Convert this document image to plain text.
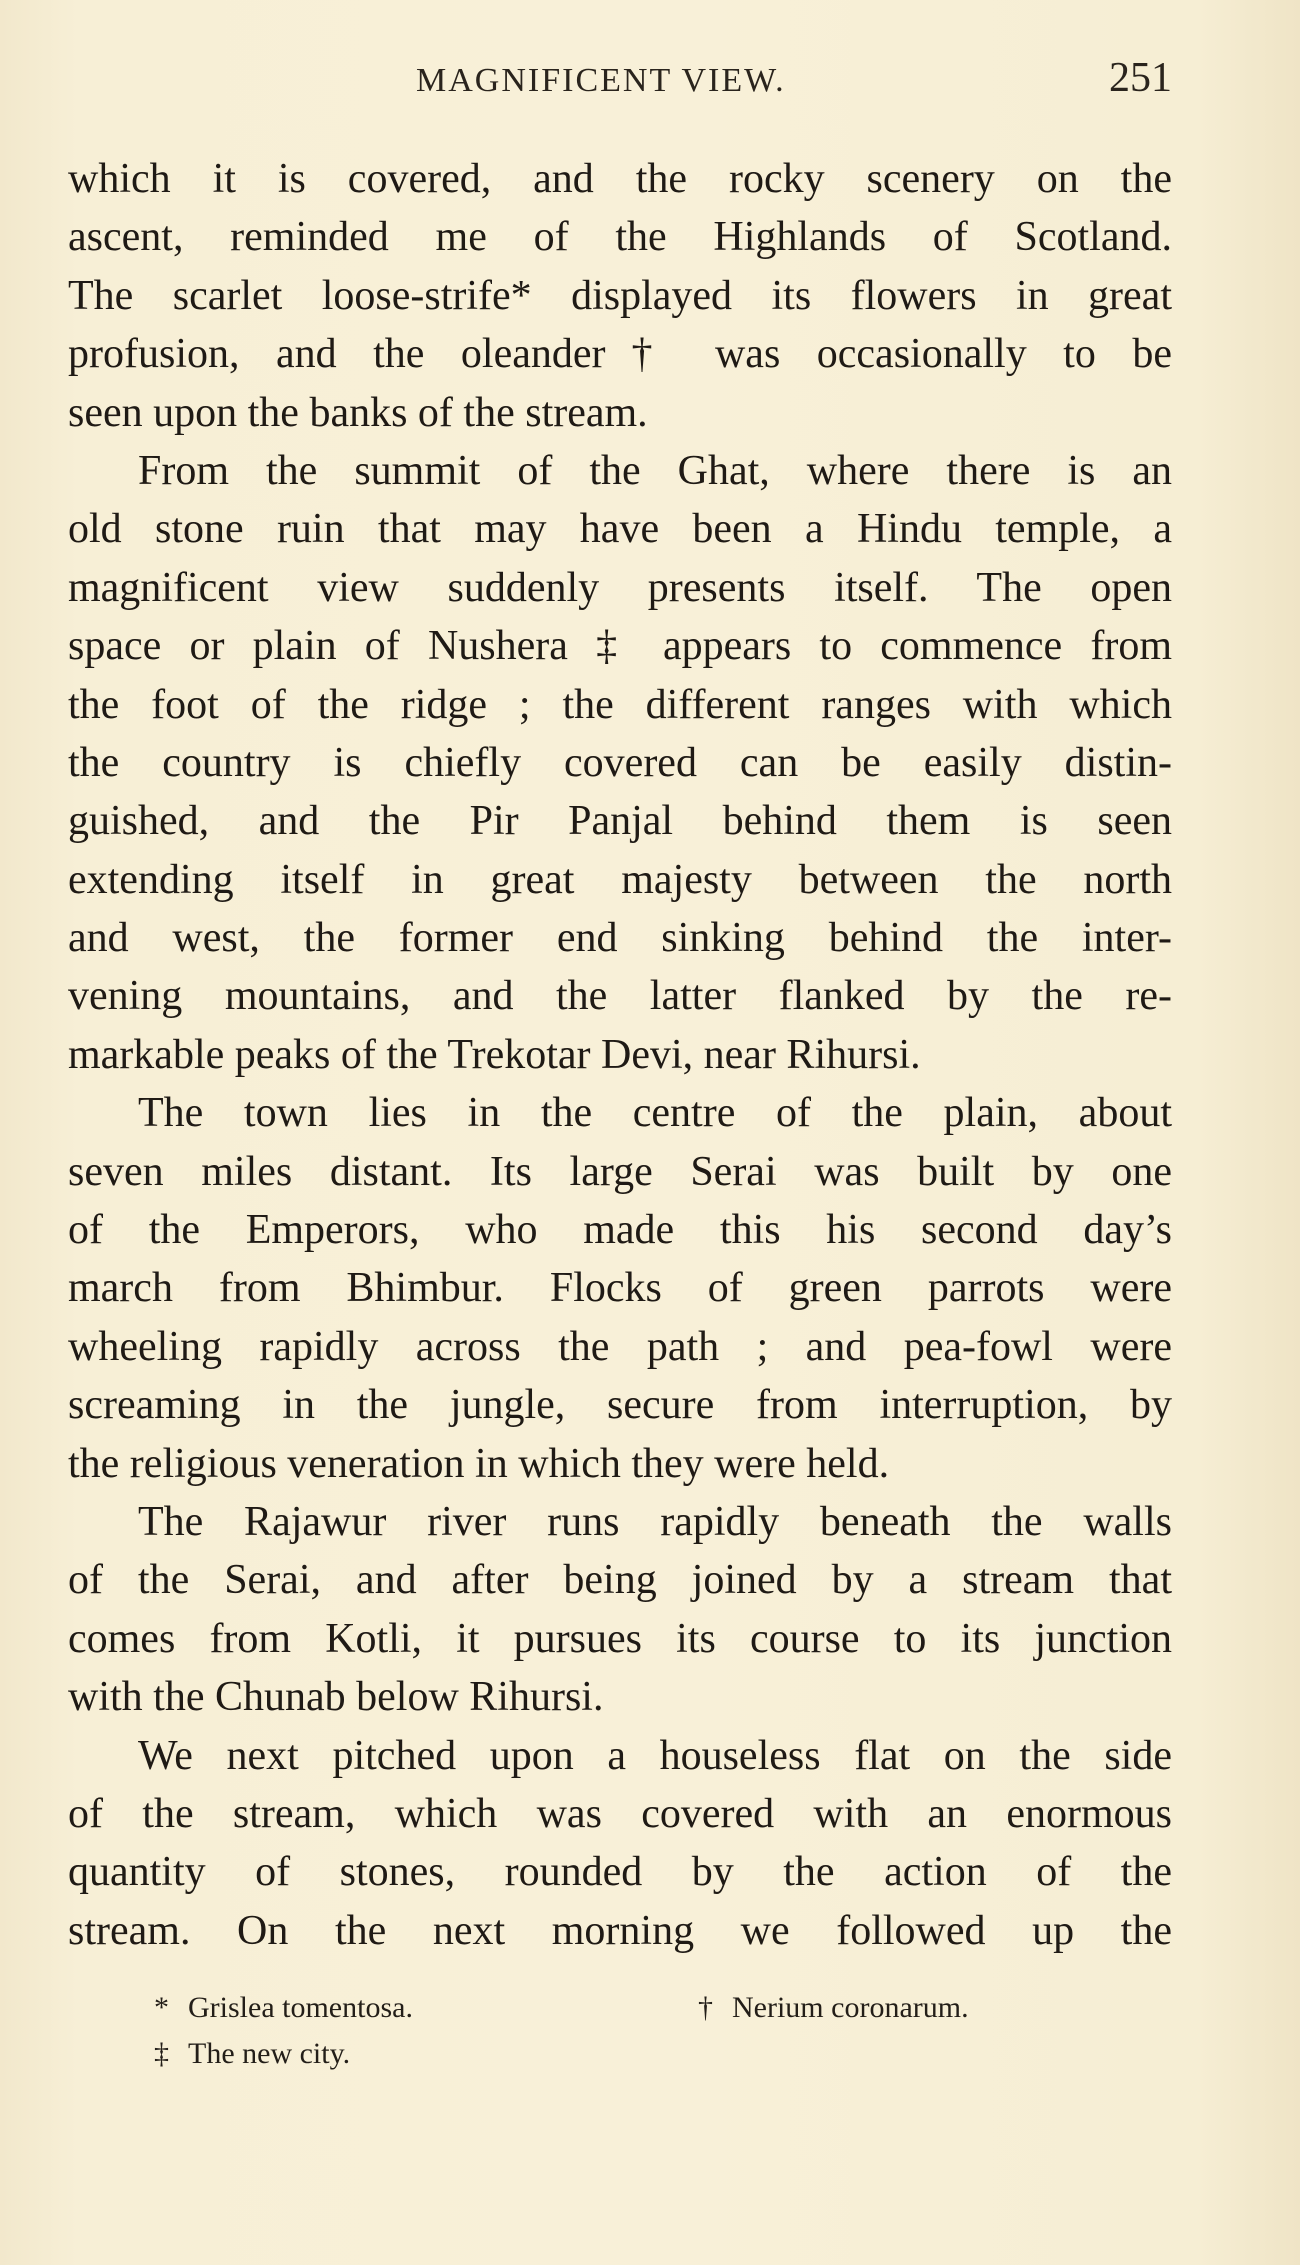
MAGNIFICENT VIEW.	251
which it is covered, and the rocky scenery on the
ascent, reminded me of the Highlands of Scotland.
The scarlet loose-strife* displayed its flowers in great
profusion, and the oleander† was occasionally to be
seen upon the banks of the stream.
From the summit of the Ghat, where there is an
old stone ruin that may have been a Hindu temple, a
magnificent view suddenly presents itself. The open
space or plain of Nushera ‡ appears to commence from
the foot of the ridge ; the different ranges with which
the country is chiefly covered can be easily distin-
guished, and the Pir Panjal behind them is seen
extending itself in great majesty between the north
and west, the former end sinking behind the inter-
vening mountains, and the latter flanked by the re-
markable peaks of the Trekotar Devi, near Rihursi.
The town lies in the centre of the plain, about
seven miles distant. Its large Serai was built by one
of the Emperors, who made this his second day’s
march from Bhimbur. Flocks of green parrots were
wheeling rapidly across the path ; and pea-fowl were
screaming in the jungle, secure from interruption, by
the religious veneration in which they were held.
The Rajawur river runs rapidly beneath the walls
of the Serai, and after being joined by a stream that
comes from Kotli, it pursues its course to its junction
with the Chunab below Rihursi.
We next pitched upon a houseless flat on the side
of the stream, which was covered with an enormous
quantity of stones, rounded by the action of the
stream. On the next morning we followed up the
* Grislea tomentosa.	† Nerium coronarum.
‡ The new city.
